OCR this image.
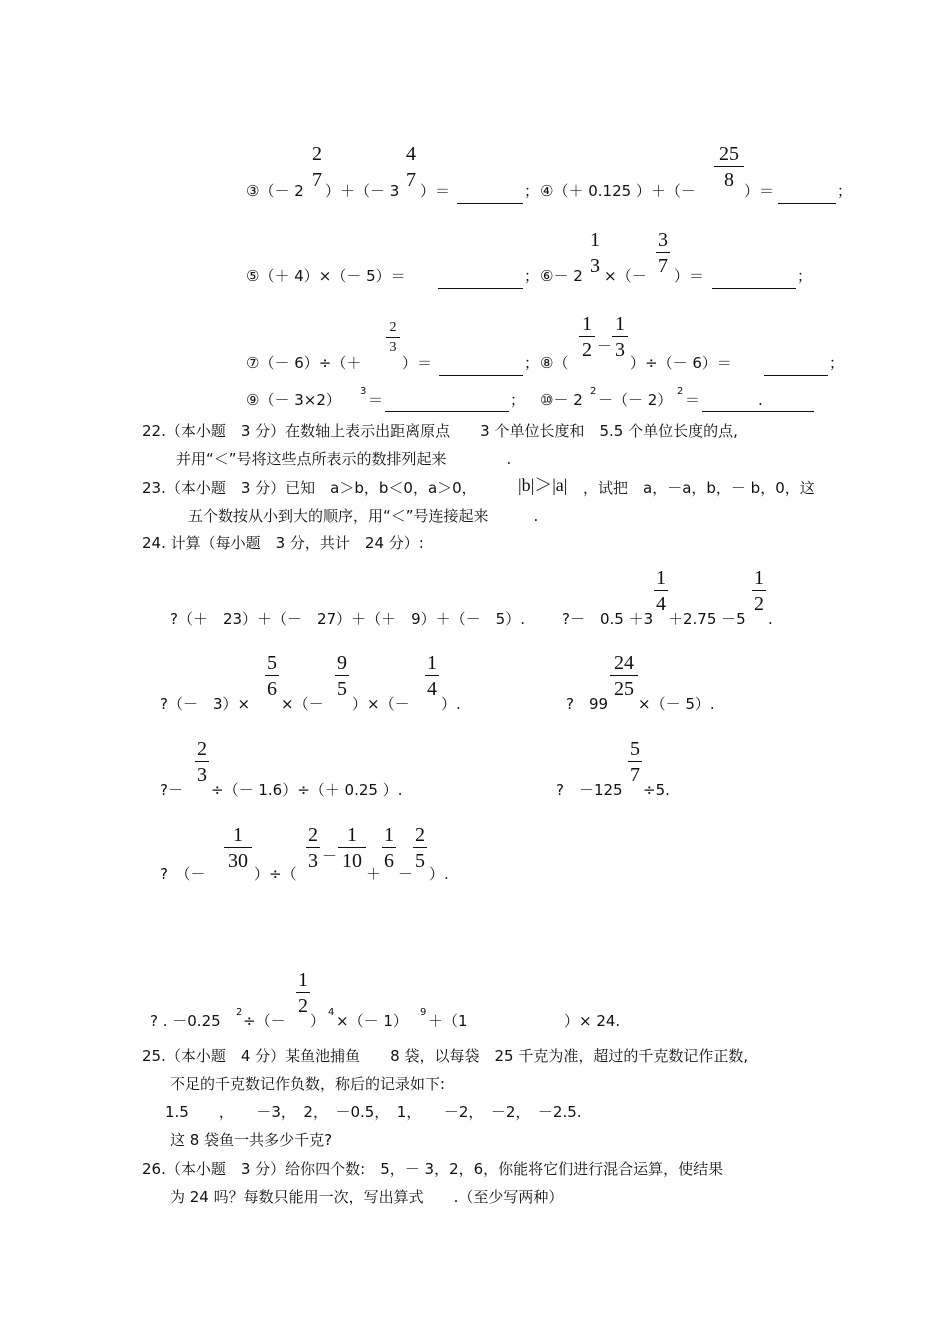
③（－ 2
2
7 ）＋（－ 3
4
7 ）＝	； ④（＋ 0.125 ）＋（－
25
8 ）＝	；
⑤（＋ 4）×（－ 5）＝	； ⑥－ 2
1
3 ×（－
3
7 ）＝	；
⑦（－ 6）÷（＋
2
3
）＝	； ⑧（
1
2 －
1
3
）÷（－ 6）＝	；
⑨（－ 3×2） 3 ＝	； ⑩－ 2 2 －（－ 2） 2 ＝	.
22.（本小题　3 分）在数轴上表示出距离原点　　3 个单位长度和　5.5 个单位长度的点,
并用“＜”号将这些点所表示的数排列起来　　　　.
23.（本小题　3 分）已知　a＞b，b＜0，a＞0， |b|＞|a| ，试把　a，－a，b，－ b，0，这
五个数按从小到大的顺序，用“＜”号连接起来　　　.
24. 计算（每小题　3 分，共计　24 分）:
?（＋　23）＋（－　27）＋（＋　9）＋（－　5）. ?－　0.5 ＋3
1
4
＋2.75 －5
1
2
.
?（－　3）×
5
6
×（－
9
5
）×（－
1
4
）.	?　99
24
25
×（－ 5）.
?－
2
3
÷（－ 1.6）÷（＋ 0.25 ）.	?　－125
5
7
÷5.
?　（－
1
30
）÷（
2
3 －
1
10
＋
1
6
－
2
5
）.
? . －0.25 2 ÷（－
1
2
） 4 ×（－ 1） 9 ＋（1	）× 24.
25.（本小题　4 分）某鱼池捕鱼　　8 袋，以每袋　25 千克为准，超过的千克数记作正数,
不足的千克数记作负数，称后的记录如下:
1.5　　，　　－3，　2，　－0.5，　1，　　－2，　－2，　－2.5.
这 8 袋鱼一共多少千克?
26.（本小题　3 分）给你四个数:　5，－ 3，2，6，你能将它们进行混合运算，使结果
为 24 吗？每数只能用一次，写出算式　　.（至少写两种）
